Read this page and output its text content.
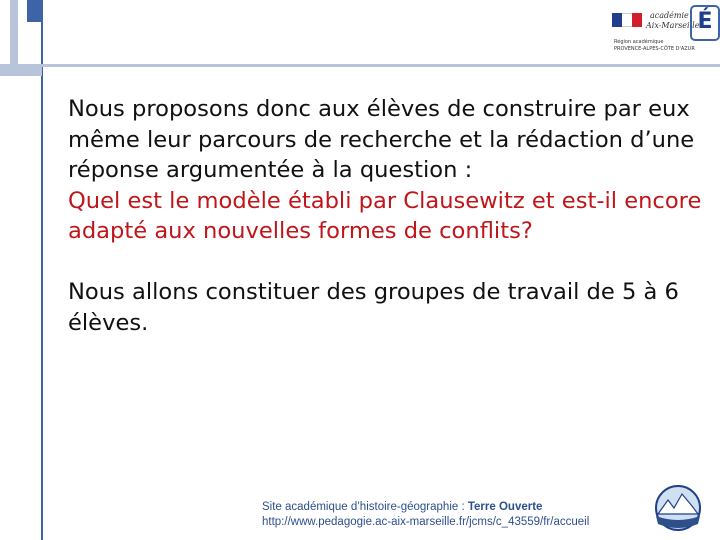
académie
Aix-Marseille
É
Région académique
PROVENCE-ALPES-CÔTE D'AZUR

Nous proposons donc aux élèves de construire par eux même leur parcours de recherche et la rédaction d’une réponse argumentée à la question :

Quel est le modèle établi par Clausewitz et est-il encore adapté aux nouvelles formes de conflits?

Nous allons constituer des groupes de travail de 5 à 6 élèves.

Site académique d’histoire-géographie : Terre Ouverte
http://www.pedagogie.ac-aix-marseille.fr/jcms/c_43559/fr/accueil
